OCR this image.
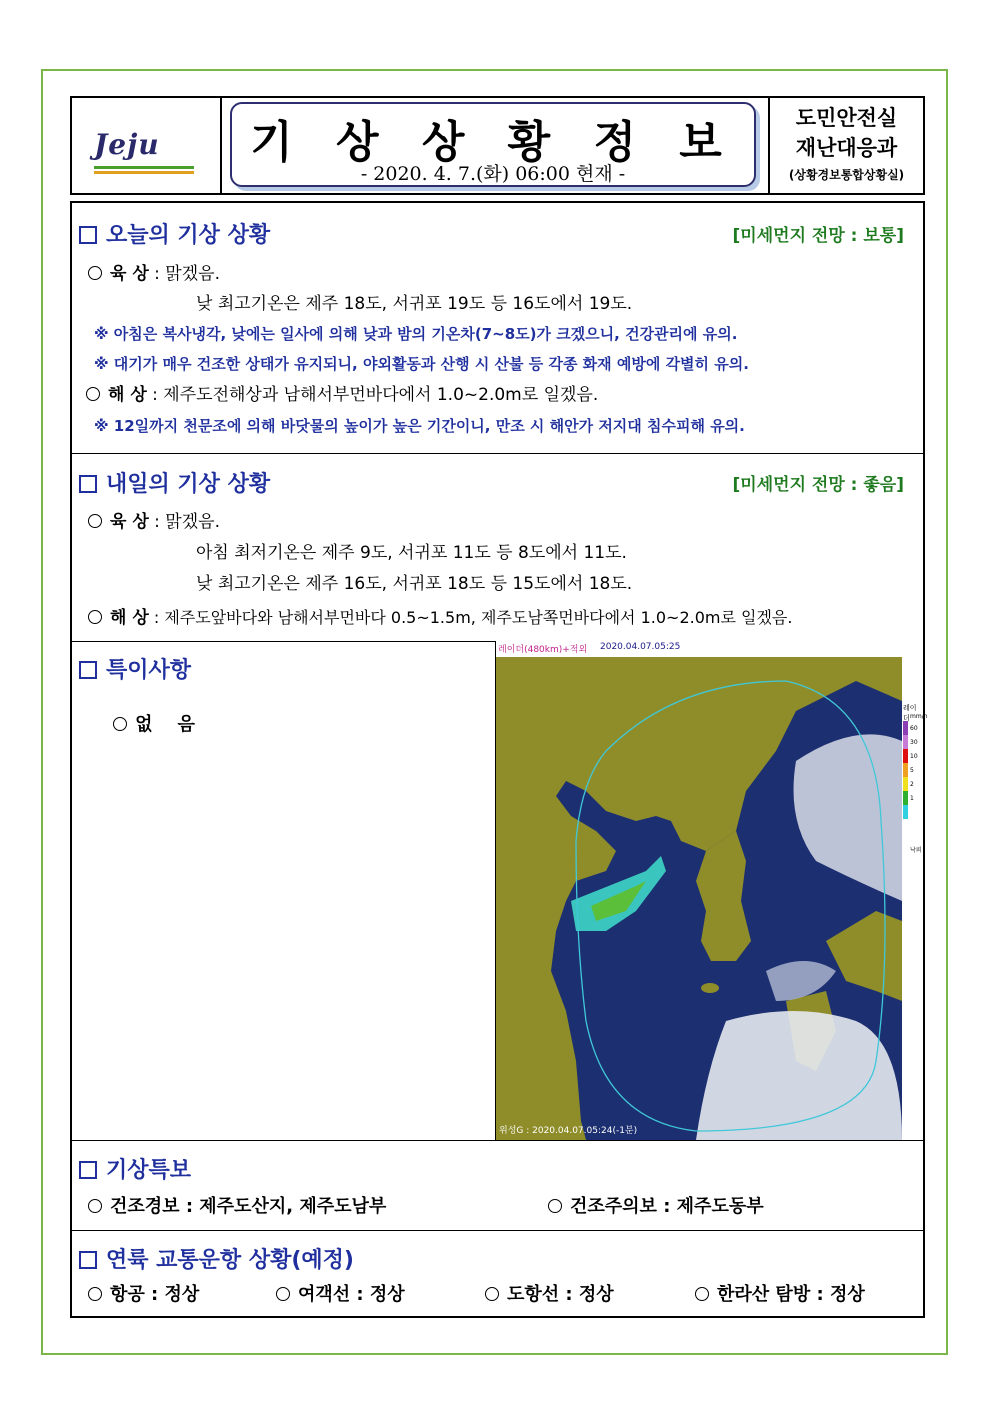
Jeju	기 상 상 황 정 보
- 2020. 4. 7.(화) 06:00 현재 -
도민안전실
재난대응과
(상황경보통합상황실)
오늘의 기상 상황	[미세먼지 전망 : 보통]
육 상 : 맑겠음.
낮 최고기온은 제주 18도, 서귀포 19도 등 16도에서 19도.
※ 아침은 복사냉각, 낮에는 일사에 의해 낮과 밤의 기온차(7~8도)가 크겠으니, 건강관리에 유의.
※ 대기가 매우 건조한 상태가 유지되니, 야외활동과 산행 시 산불 등 각종 화재 예방에 각별히 유의.
해 상 : 제주도전해상과 남해서부먼바다에서 1.0~2.0m로 일겠음.
※ 12일까지 천문조에 의해 바닷물의 높이가 높은 기간이니, 만조 시 해안가 저지대 침수피해 유의.
내일의 기상 상황	[미세먼지 전망 : 좋음]
육 상 : 맑겠음.
아침 최저기온은 제주 9도, 서귀포 11도 등 8도에서 11도.
낮 최고기온은 제주 16도, 서귀포 18도 등 15도에서 18도.
해 상 : 제주도앞바다와 남해서부먼바다 0.5~1.5m, 제주도남쪽먼바다에서 1.0~2.0m로 일겠음.
특이사항

없    음

레이더(480km)+적외 2020.04.07.05:25
위성G : 2020.04.07.05:24(-1분)
레이더 mm/h
60
30
10
5
2
1
낙뢰
기상특보
건조경보 : 제주도산지, 제주도남부	건조주의보 : 제주도동부
연륙 교통운항 상황(예정)
항공 : 정상	여객선 : 정상	도항선 : 정상	한라산 탐방 : 정상
